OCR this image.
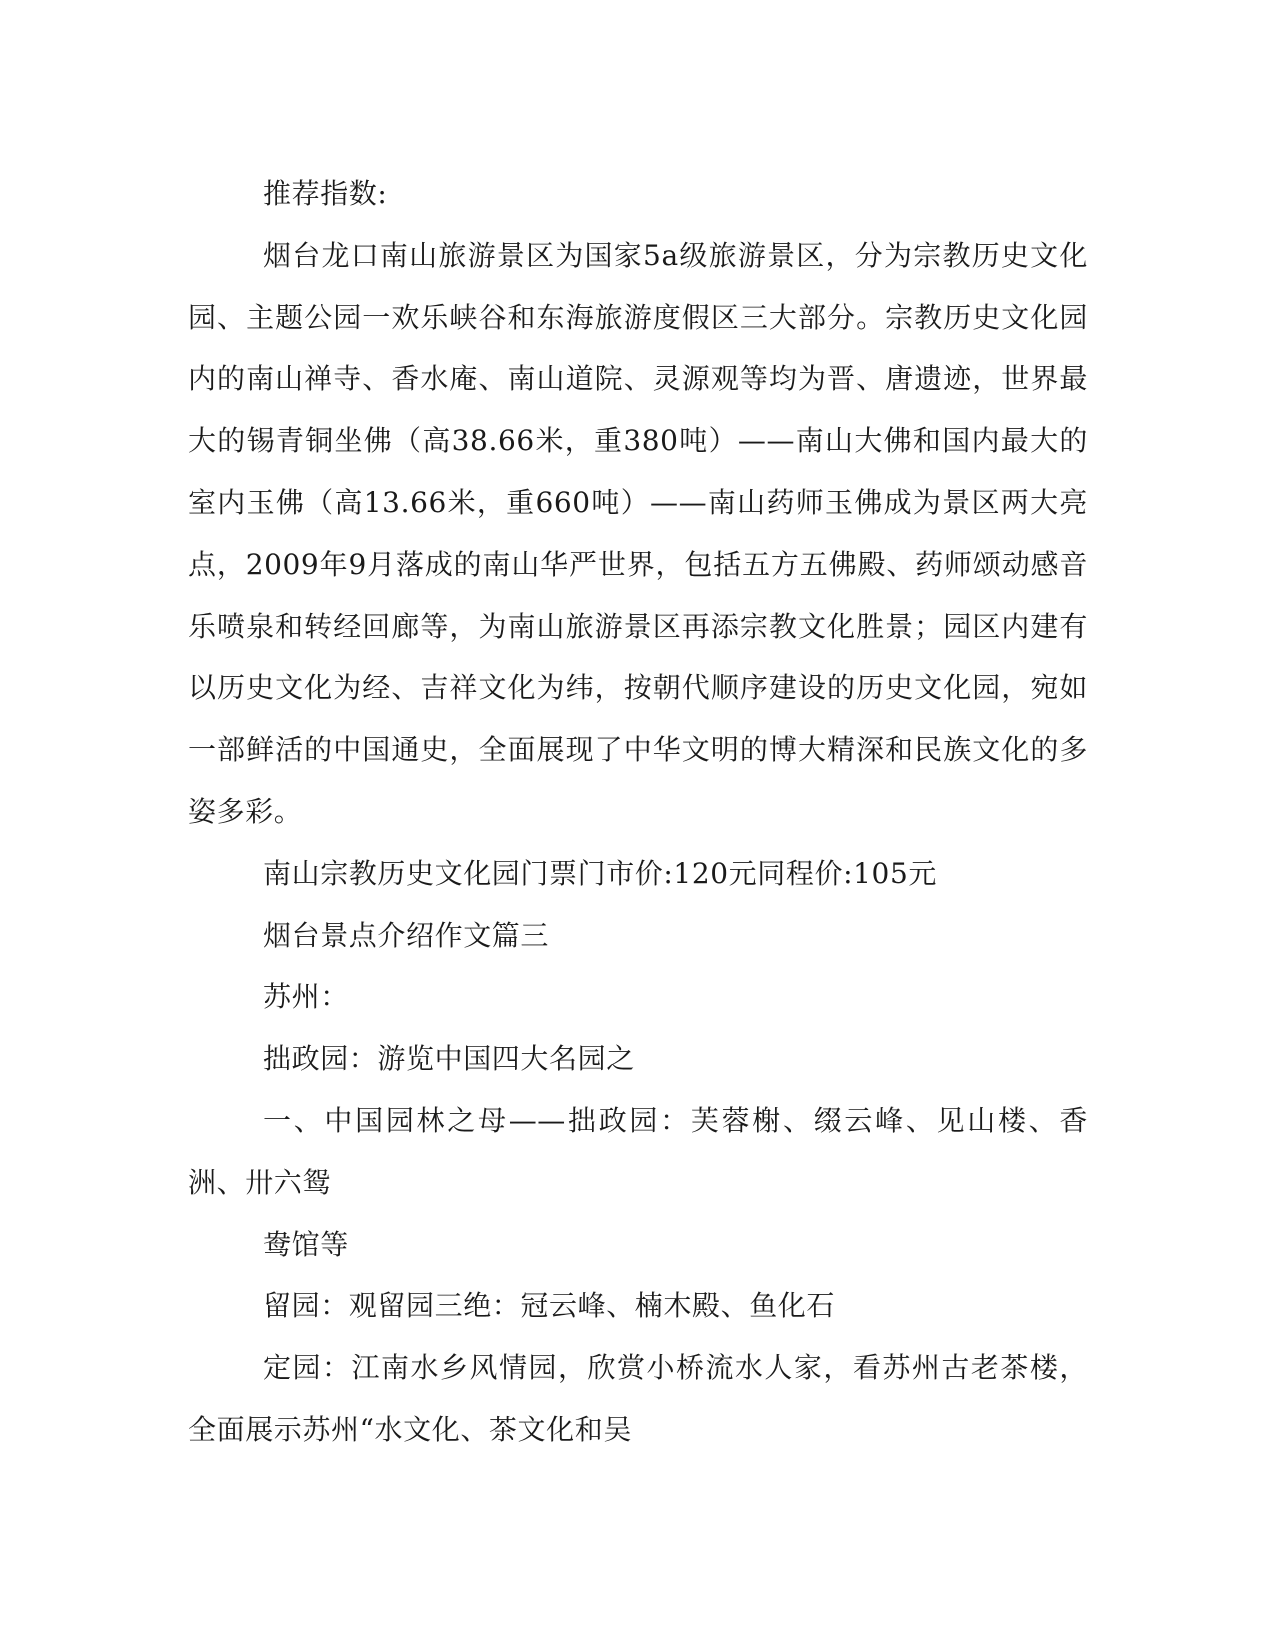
推荐指数:

烟台龙口南山旅游景区为国家5a级旅游景区，分为宗教历史文化园、主题公园一欢乐峡谷和东海旅游度假区三大部分。宗教历史文化园内的南山禅寺、香水庵、南山道院、灵源观等均为晋、唐遗迹，世界最大的锡青铜坐佛（高38.66米，重380吨）——南山大佛和国内最大的室内玉佛（高13.66米，重660吨）——南山药师玉佛成为景区两大亮点，2009年9月落成的南山华严世界，包括五方五佛殿、药师颂动感音乐喷泉和转经回廊等，为南山旅游景区再添宗教文化胜景；园区内建有以历史文化为经、吉祥文化为纬，按朝代顺序建设的历史文化园，宛如一部鲜活的中国通史，全面展现了中华文明的博大精深和民族文化的多姿多彩。

南山宗教历史文化园门票门市价:120元同程价:105元

烟台景点介绍作文篇三

苏州：

拙政园：游览中国四大名园之

一、中国园林之母——拙政园：芙蓉榭、缀云峰、见山楼、香洲、卅六鸳

鸯馆等

留园：观留园三绝：冠云峰、楠木殿、鱼化石

定园：江南水乡风情园，欣赏小桥流水人家，看苏州古老茶楼，全面展示苏州“水文化、茶文化和吴
